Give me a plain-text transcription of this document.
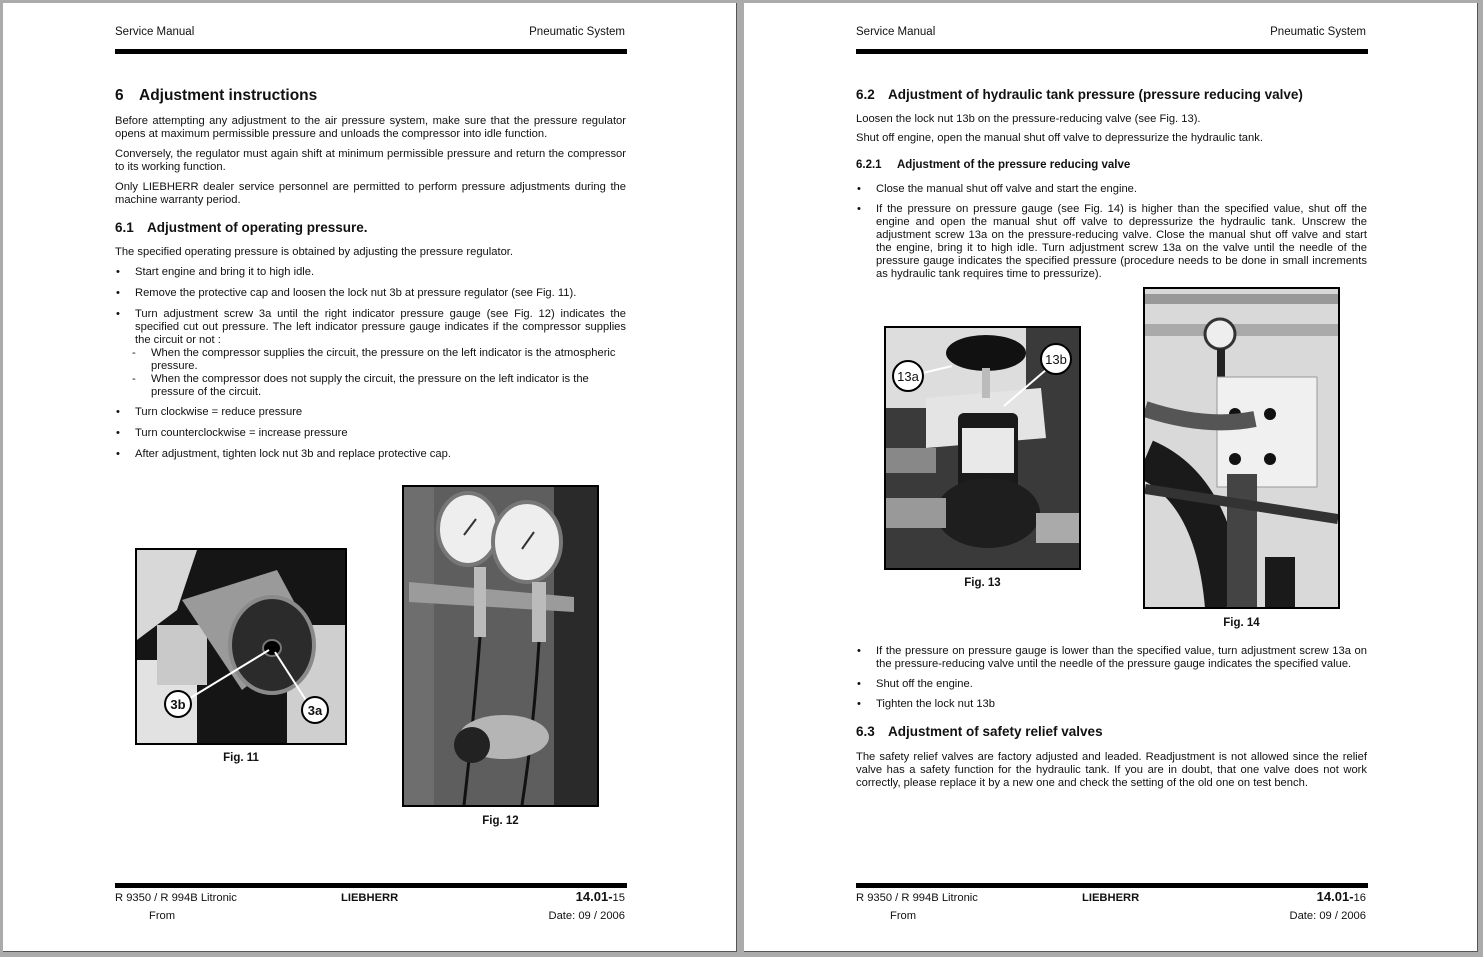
Service Manual	Pneumatic System
6 Adjustment instructions
Before attempting any adjustment to the air pressure system, make sure that the pressure regulator opens at maximum permissible pressure and unloads the compressor into idle function.
Conversely, the regulator must again shift at minimum permissible pressure and return the compressor to its working function.
Only LIEBHERR dealer service personnel are permitted to perform pressure adjustments during the machine warranty period.
6.1 Adjustment of operating pressure.
The specified operating pressure is obtained by adjusting the pressure regulator.
• Start engine and bring it to high idle.
• Remove the protective cap and loosen the lock nut 3b at pressure regulator (see Fig. 11).
• Turn adjustment screw 3a until the right indicator pressure gauge (see Fig. 12) indicates the specified cut out pressure. The left indicator pressure gauge indicates if the compressor supplies the circuit or not :
- When the compressor supplies the circuit, the pressure on the left indicator is the atmospheric pressure.
- When the compressor does not supply the circuit, the pressure on the left indicator is the pressure of the circuit.
• Turn clockwise = reduce pressure
• Turn counterclockwise = increase pressure
• After adjustment, tighten lock nut 3b and replace protective cap.
3b	3a
Fig. 11
Fig. 12
R 9350 / R 994B Litronic	LIEBHERR	14.01-15
From	Date: 09 / 2006
Service Manual	Pneumatic System
6.2 Adjustment of hydraulic tank pressure (pressure reducing valve)
Loosen the lock nut 13b on the pressure-reducing valve (see Fig. 13).
Shut off engine, open the manual shut off valve to depressurize the hydraulic tank.
6.2.1 Adjustment of the pressure reducing valve
• Close the manual shut off valve and start the engine.
• If the pressure on pressure gauge (see Fig. 14) is higher than the specified value, shut off the engine and open the manual shut off valve to depressurize the hydraulic tank. Unscrew the adjustment screw 13a on the pressure-reducing valve. Close the manual shut off valve and start the engine, bring it to high idle. Turn adjustment screw 13a on the valve until the needle of the pressure gauge indicates the specified pressure (procedure needs to be done in small increments as hydraulic tank requires time to pressurize).
13a
13b
Fig. 13
Fig. 14
• If the pressure on pressure gauge is lower than the specified value, turn adjustment screw 13a on the pressure-reducing valve until the needle of the pressure gauge indicates the specified value.
• Shut off the engine.
• Tighten the lock nut 13b
6.3 Adjustment of safety relief valves
The safety relief valves are factory adjusted and leaded. Readjustment is not allowed since the relief valve has a safety function for the hydraulic tank. If you are in doubt, that one valve does not work correctly, please replace it by a new one and check the setting of the old one on test bench.
R 9350 / R 994B Litronic	LIEBHERR	14.01-16
From	Date: 09 / 2006
